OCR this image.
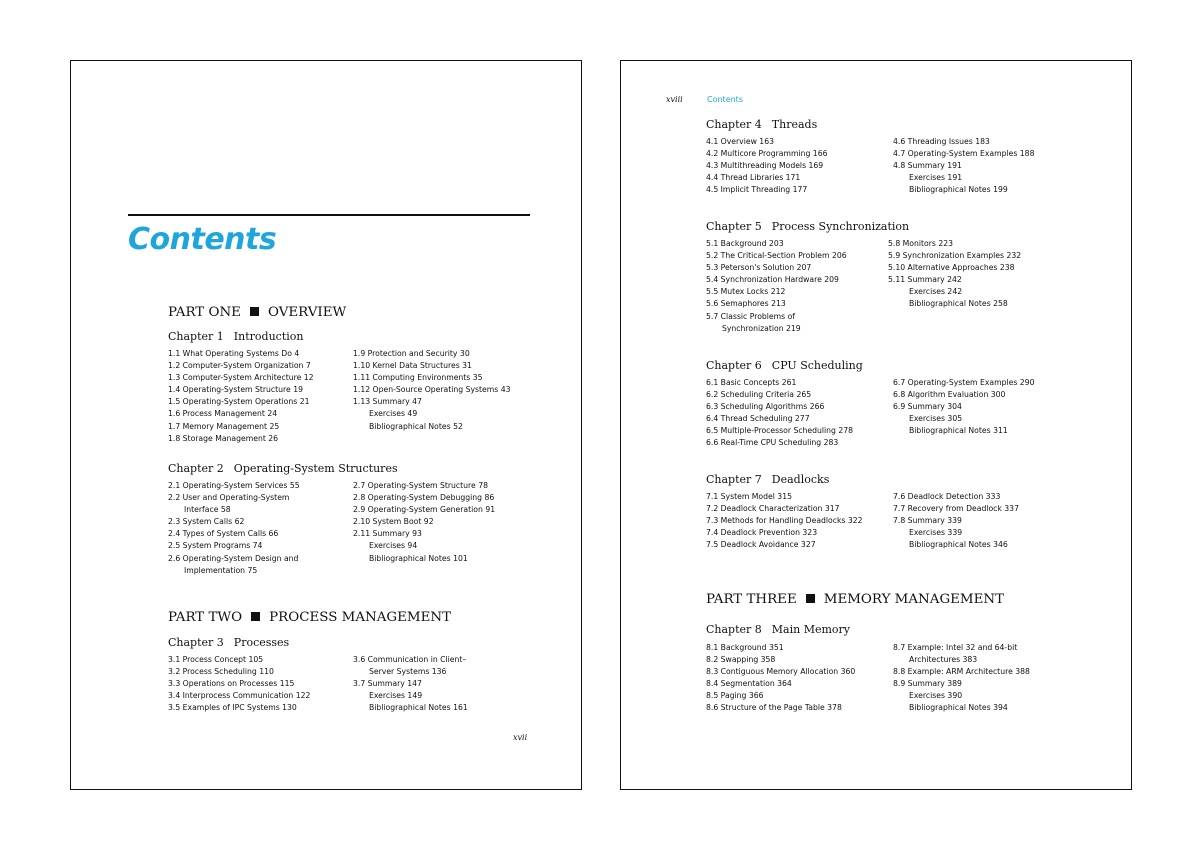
Contents
PART ONE OVERVIEW
Chapter 1 Introduction
1.1 What Operating Systems Do 4
1.2 Computer-System Organization 7
1.3 Computer-System Architecture 12
1.4 Operating-System Structure 19
1.5 Operating-System Operations 21
1.6 Process Management 24
1.7 Memory Management 25
1.8 Storage Management 26
1.9 Protection and Security 30
1.10 Kernel Data Structures 31
1.11 Computing Environments 35
1.12 Open-Source Operating Systems 43
1.13 Summary 47
Exercises 49
Bibliographical Notes 52
Chapter 2 Operating-System Structures
2.1 Operating-System Services 55
2.2 User and Operating-System
Interface 58
2.3 System Calls 62
2.4 Types of System Calls 66
2.5 System Programs 74
2.6 Operating-System Design and
Implementation 75
2.7 Operating-System Structure 78
2.8 Operating-System Debugging 86
2.9 Operating-System Generation 91
2.10 System Boot 92
2.11 Summary 93
Exercises 94
Bibliographical Notes 101
PART TWO PROCESS MANAGEMENT
Chapter 3 Processes
3.1 Process Concept 105
3.2 Process Scheduling 110
3.3 Operations on Processes 115
3.4 Interprocess Communication 122
3.5 Examples of IPC Systems 130
3.6 Communication in Client–
Server Systems 136
3.7 Summary 147
Exercises 149
Bibliographical Notes 161
xvii
xviii	Contents
Chapter 4 Threads
4.1 Overview 163
4.2 Multicore Programming 166
4.3 Multithreading Models 169
4.4 Thread Libraries 171
4.5 Implicit Threading 177
4.6 Threading Issues 183
4.7 Operating-System Examples 188
4.8 Summary 191
Exercises 191
Bibliographical Notes 199
Chapter 5 Process Synchronization
5.1 Background 203
5.2 The Critical-Section Problem 206
5.3 Peterson's Solution 207
5.4 Synchronization Hardware 209
5.5 Mutex Locks 212
5.6 Semaphores 213
5.7 Classic Problems of
Synchronization 219
5.8 Monitors 223
5.9 Synchronization Examples 232
5.10 Alternative Approaches 238
5.11 Summary 242
Exercises 242
Bibliographical Notes 258
Chapter 6 CPU Scheduling
6.1 Basic Concepts 261
6.2 Scheduling Criteria 265
6.3 Scheduling Algorithms 266
6.4 Thread Scheduling 277
6.5 Multiple-Processor Scheduling 278
6.6 Real-Time CPU Scheduling 283
6.7 Operating-System Examples 290
6.8 Algorithm Evaluation 300
6.9 Summary 304
Exercises 305
Bibliographical Notes 311
Chapter 7 Deadlocks
7.1 System Model 315
7.2 Deadlock Characterization 317
7.3 Methods for Handling Deadlocks 322
7.4 Deadlock Prevention 323
7.5 Deadlock Avoidance 327
7.6 Deadlock Detection 333
7.7 Recovery from Deadlock 337
7.8 Summary 339
Exercises 339
Bibliographical Notes 346
PART THREE MEMORY MANAGEMENT
Chapter 8 Main Memory
8.1 Background 351
8.2 Swapping 358
8.3 Contiguous Memory Allocation 360
8.4 Segmentation 364
8.5 Paging 366
8.6 Structure of the Page Table 378
8.7 Example: Intel 32 and 64-bit
Architectures 383
8.8 Example: ARM Architecture 388
8.9 Summary 389
Exercises 390
Bibliographical Notes 394
